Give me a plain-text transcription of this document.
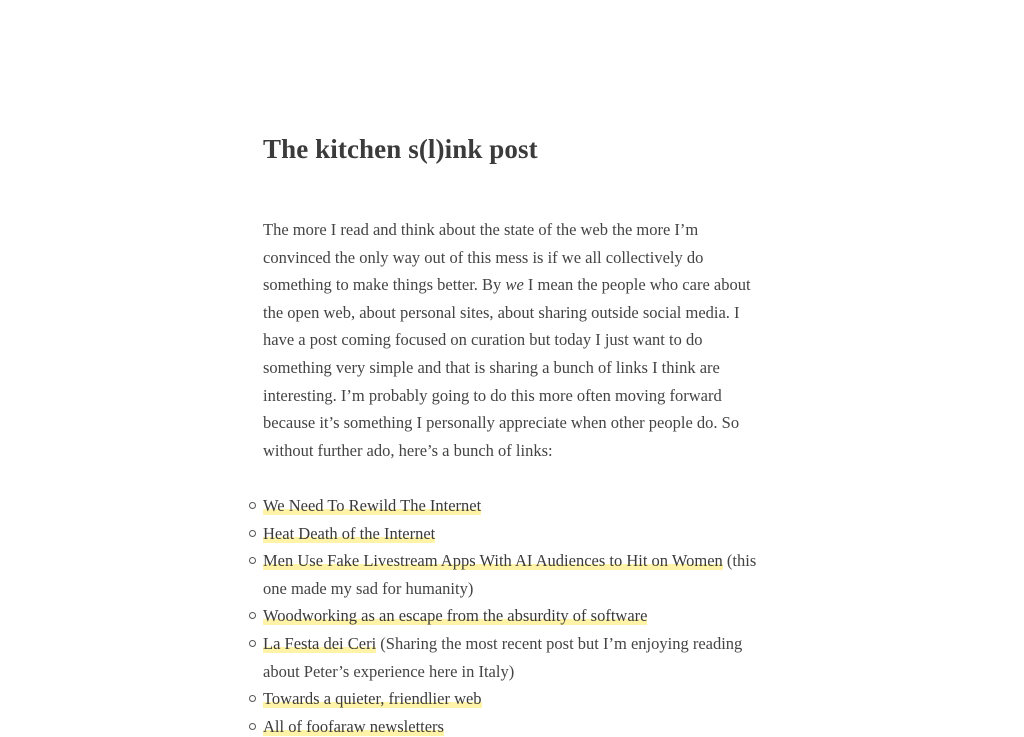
The kitchen s(l)ink post

The more I read and think about the state of the web the more I’m convinced the only way out of this mess is if we all collectively do something to make things better. By we I mean the people who care about the open web, about personal sites, about sharing outside social media. I have a post coming focused on curation but today I just want to do something very simple and that is sharing a bunch of links I think are interesting. I’m probably going to do this more often moving forward because it’s something I personally appreciate when other people do. So without further ado, here’s a bunch of links:

We Need To Rewild The Internet
Heat Death of the Internet
Men Use Fake Livestream Apps With AI Audiences to Hit on Women (this one made my sad for humanity)
Woodworking as an escape from the absurdity of software
La Festa dei Ceri (Sharing the most recent post but I’m enjoying reading about Peter’s experience here in Italy)
Towards a quieter, friendlier web
All of foofaraw newsletters
